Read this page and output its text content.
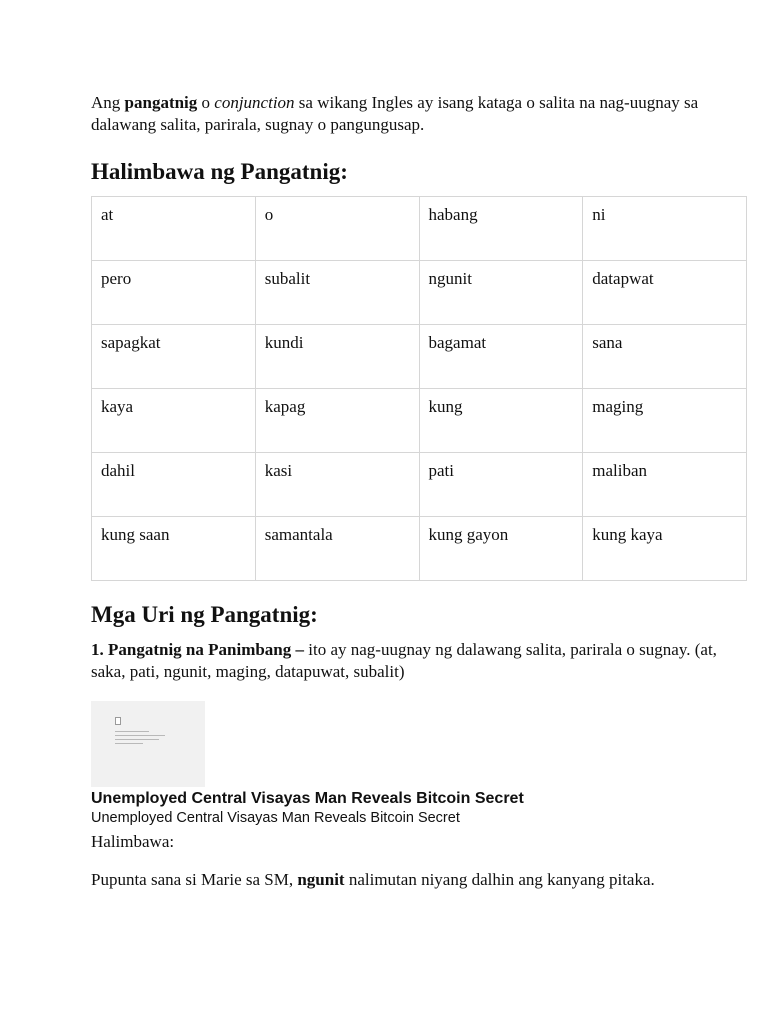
Ang pangatnig o conjunction sa wikang Ingles ay isang kataga o salita na nag-uugnay sa dalawang salita, parirala, sugnay o pangungusap.

Halimbawa ng Pangatnig:
at	o	habang	ni
pero	subalit	ngunit	datapwat
sapagkat	kundi	bagamat	sana
kaya	kapag	kung	maging
dahil	kasi	pati	maliban
kung saan	samantala	kung gayon	kung kaya
Mga Uri ng Pangatnig:

1. Pangatnig na Panimbang – ito ay nag-uugnay ng dalawang salita, parirala o sugnay. (at, saka, pati, ngunit, maging, datapuwat, subalit)

Unemployed Central Visayas Man Reveals Bitcoin Secret
Unemployed Central Visayas Man Reveals Bitcoin Secret

Halimbawa:

Pupunta sana si Marie sa SM, ngunit nalimutan niyang dalhin ang kanyang pitaka.
